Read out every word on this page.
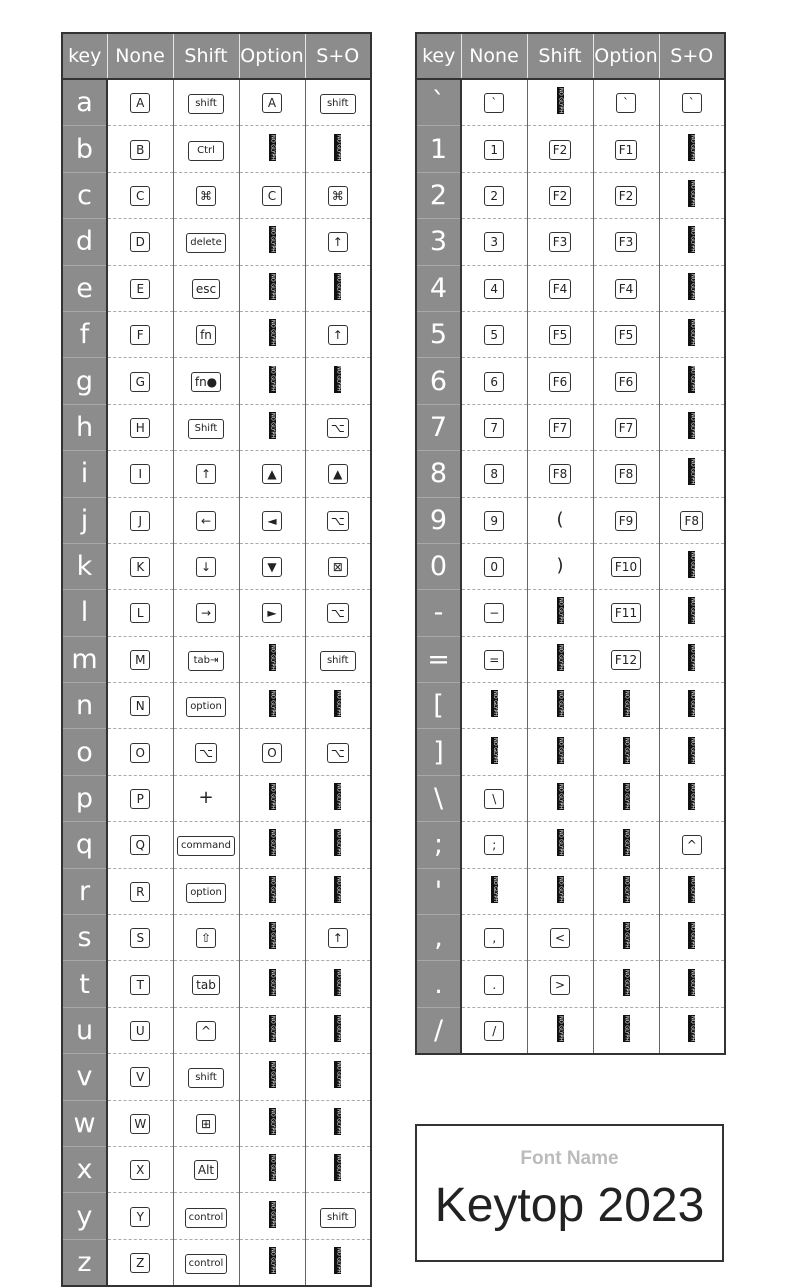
key	None	Shift	Option	S+O
a	A	shift	A	shift
b	B	Ctrl	NO GLYPH	NO GLYPH
c	C	⌘	C	⌘
d	D	delete	NO GLYPH	↑
e	E	esc	NO GLYPH	NO GLYPH
f	F	fn	NO GLYPH	↑
g	G	fn●	NO GLYPH	NO GLYPH
h	H	Shift	NO GLYPH	⌥
i	I	↑	▲	▲
j	J	←	◄	⌥
k	K	↓	▼	⊠
l	L	→	►	⌥
m	M	tab⇥	NO GLYPH	shift
n	N	option	NO GLYPH	NO GLYPH
o	O	⌥	O	⌥
p	P	+	NO GLYPH	NO GLYPH
q	Q	command	NO GLYPH	NO GLYPH
r	R	option	NO GLYPH	NO GLYPH
s	S	⇧	NO GLYPH	↑
t	T	tab	NO GLYPH	NO GLYPH
u	U	^	NO GLYPH	NO GLYPH
v	V	shift	NO GLYPH	NO GLYPH
w	W	⊞	NO GLYPH	NO GLYPH
x	X	Alt	NO GLYPH	NO GLYPH
y	Y	control	NO GLYPH	shift
z	Z	control	NO GLYPH	NO GLYPH
key	None	Shift	Option	S+O
`	`	NO GLYPH	`	`
1	1	F2	F1	NO GLYPH
2	2	F2	F2	NO GLYPH
3	3	F3	F3	NO GLYPH
4	4	F4	F4	NO GLYPH
5	5	F5	F5	NO GLYPH
6	6	F6	F6	NO GLYPH
7	7	F7	F7	NO GLYPH
8	8	F8	F8	NO GLYPH
9	9	(	F9	F8
0	0	)	F10	NO GLYPH
-	−	NO GLYPH	F11	NO GLYPH
=	=	NO GLYPH	F12	NO GLYPH
[	NO GLYPH	NO GLYPH	NO GLYPH	NO GLYPH
]	NO GLYPH	NO GLYPH	NO GLYPH	NO GLYPH
\	\	NO GLYPH	NO GLYPH	NO GLYPH
;	;	NO GLYPH	NO GLYPH	^
'	NO GLYPH	NO GLYPH	NO GLYPH	NO GLYPH
,	,	<	NO GLYPH	NO GLYPH
.	.	>	NO GLYPH	NO GLYPH
/	/	NO GLYPH	NO GLYPH	NO GLYPH
Font Name
Keytop 2023
